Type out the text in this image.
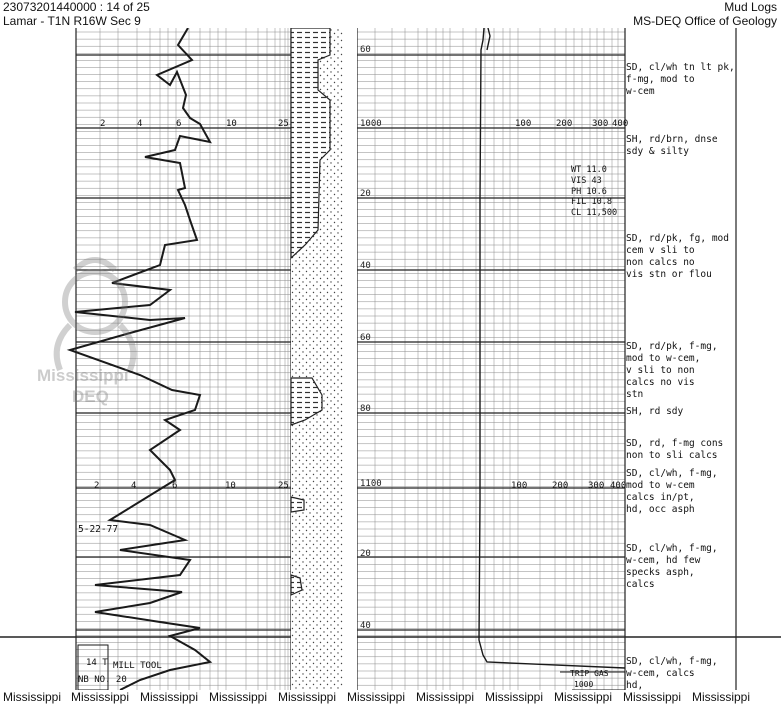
23073201440000 : 14 of 25
Lamar - T1N R16W Sec 9
Mud Logs
MS-DEQ Office of Geology
60
1000
20
40
60
80
1100
20
40
2	4	6	10	25
2	4	6	10	25
100	200 300 400
100	200 300 400
WT 11.0
VIS 43
PH 10.6
FIL 10.8
CL 11,500
SD, cl/wh tn lt pk,
f-mg, mod to
w-cem
SH, rd/brn, dnse
sdy & silty
SD, rd/pk, fg, mod
cem v sli to
non calcs no
vis stn or flou
SD, rd/pk, f-mg,
mod to w-cem,
v sli to non
calcs no vis
stn
SH, rd sdy
SD, rd, f-mg cons
non to sli calcs
SD, cl/wh, f-mg,
mod to w-cem
calcs in/pt,
hd, occ asph
SD, cl/wh, f-mg,
w-cem, hd few
specks asph,
calcs
SD, cl/wh, f-mg,
w-cem, calcs
hd,
5-22-77
14 T MILL TOOL
NB NO. 20
TRIP GAS
1000
Mississippi
DEQ
Mississippi Mississippi Mississippi Mississippi Mississippi Mississippi Mississippi Mississippi Mississippi Mississippi Mississippi
